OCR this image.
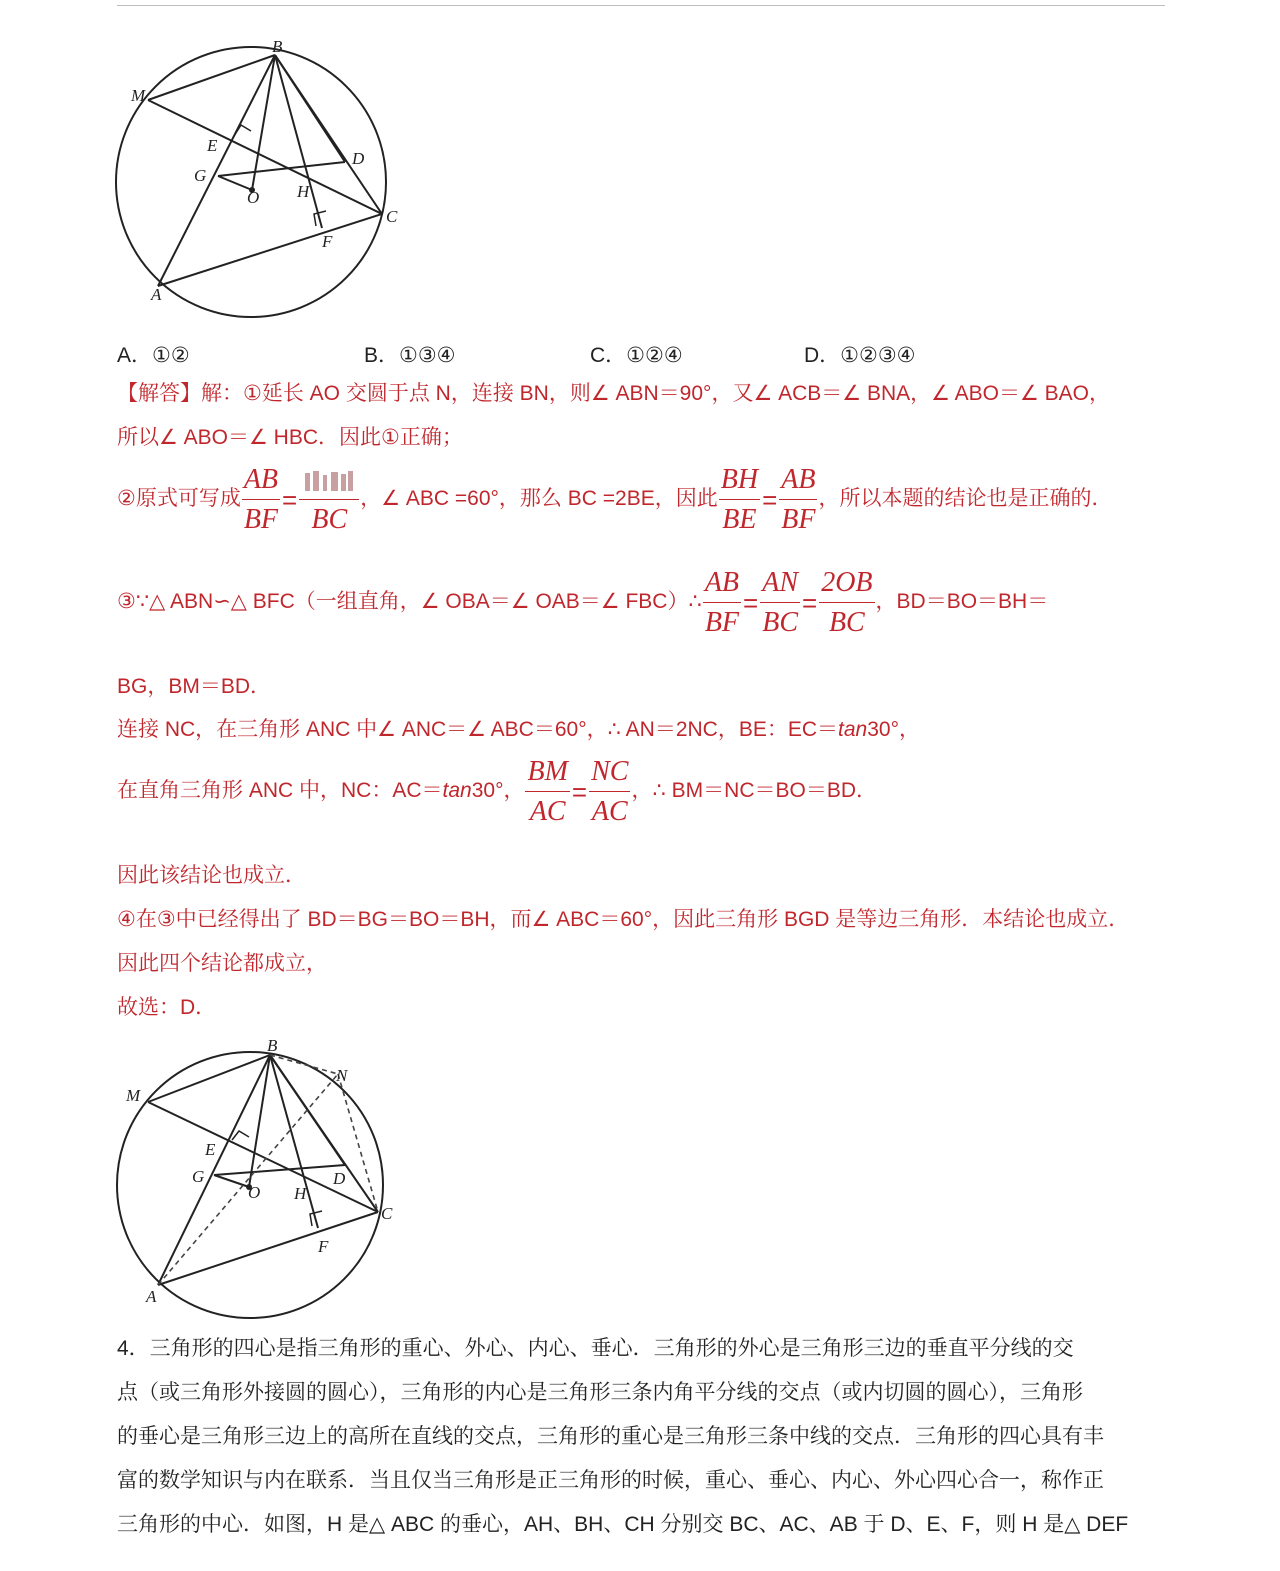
B
M
E
D
G
O H
C
F
A
A．①②	B．①③④	C．①②④	D．①②③④
【解答】解：①延长 AO 交圆于点 N，连接 BN，则∠ ABN＝90°，又∠ ACB＝∠ BNA，∠ ABO＝∠ BAO，
所以∠ ABO＝∠ HBC．因此①正确；
②原式可写成 $\frac{AB}{BF}$ =
BC
，∠ ABC =60°，那么 BC =2BE，因此 $\frac{BH}{BE} = \frac{AB}{BF}$ ，所以本题的结论也是正确的．
③∵△ ABN∽△ BFC（一组直角，∠ OBA＝∠ OAB＝∠ FBC）∴ $\frac{AB}{BF} = \frac{AN}{BC} = \frac{2OB}{BC}$ ，BD＝BO＝BH＝
BG，BM＝BD．
连接 NC，在三角形 ANC 中∠ ANC＝∠ ABC＝60°，∴ AN＝2NC，BE：EC＝tan30°，
在直角三角形 ANC 中，NC：AC＝tan30°， $\frac{BM}{AC} = \frac{NC}{AC}$ ，∴ BM＝NC＝BO＝BD．
因此该结论也成立．
④在③中已经得出了 BD＝BG＝BO＝BH，而∠ ABC＝60°，因此三角形 BGD 是等边三角形．本结论也成立．
因此四个结论都成立，
故选：D．
B
N
M
E
G	D
O H
C
F
A
4．三角形的四心是指三角形的重心、外心、内心、垂心．三角形的外心是三角形三边的垂直平分线的交
点（或三角形外接圆的圆心），三角形的内心是三角形三条内角平分线的交点（或内切圆的圆心），三角形
的垂心是三角形三边上的高所在直线的交点，三角形的重心是三角形三条中线的交点．三角形的四心具有丰
富的数学知识与内在联系．当且仅当三角形是正三角形的时候，重心、垂心、内心、外心四心合一，称作正
三角形的中心．如图，H 是△ ABC 的垂心，AH、BH、CH 分别交 BC、AC、AB 于 D、E、F，则 H 是△ DEF
